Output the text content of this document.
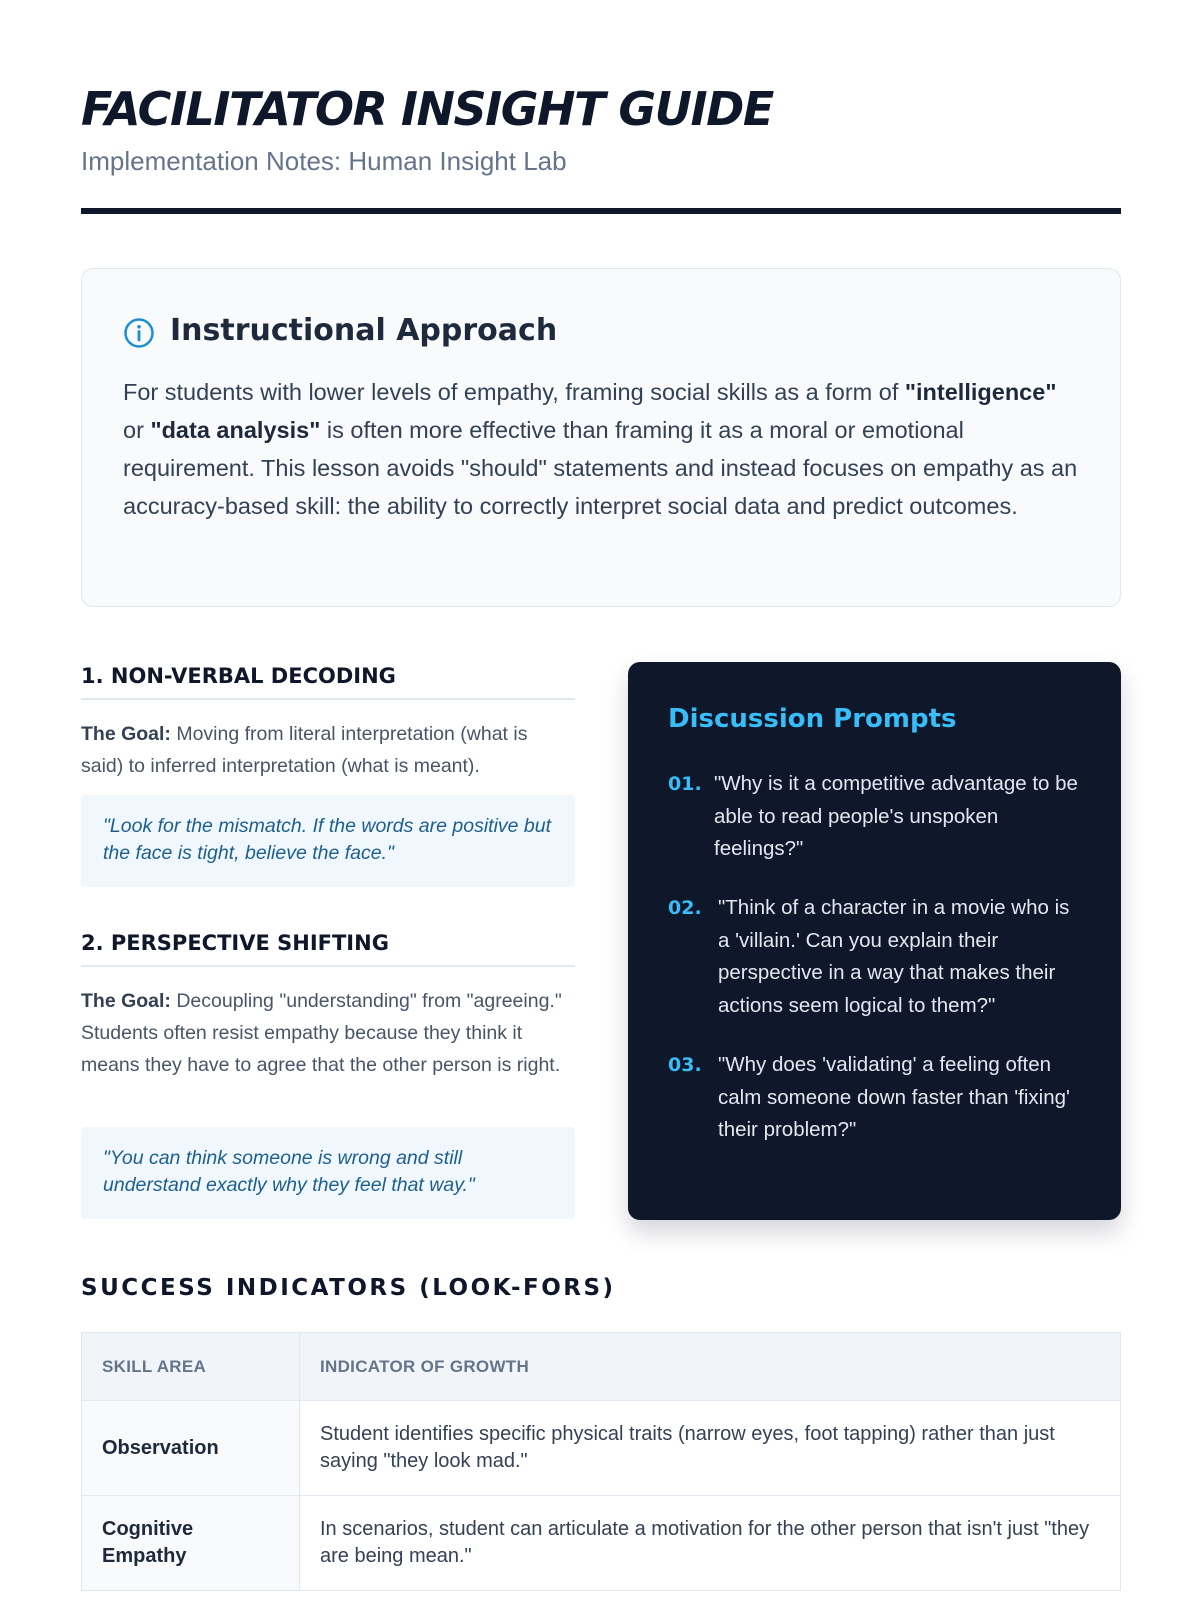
FACILITATOR INSIGHT GUIDE
Implementation Notes: Human Insight Lab
Instructional Approach

For students with lower levels of empathy, framing social skills as a form of "intelligence" or "data analysis" is often more effective than framing it as a moral or emotional requirement. This lesson avoids "should" statements and instead focuses on empathy as an accuracy-based skill: the ability to correctly interpret social data and predict outcomes.

1. NON-VERBAL DECODING

The Goal: Moving from literal interpretation (what is said) to inferred interpretation (what is meant).

"Look for the mismatch. If the words are positive but the face is tight, believe the face."
2. PERSPECTIVE SHIFTING

The Goal: Decoupling "understanding" from "agreeing." Students often resist empathy because they think it means they have to agree that the other person is right.

"You can think someone is wrong and still understand exactly why they feel that way."
Discussion Prompts
01. "Why is it a competitive advantage to be able to read people's unspoken feelings?"
02. "Think of a character in a movie who is a 'villain.' Can you explain their perspective in a way that makes their actions seem logical to them?"
03. "Why does 'validating' a feeling often calm someone down faster than 'fixing' their problem?"
SUCCESS INDICATORS (LOOK-FORS)
SKILL AREA	INDICATOR OF GROWTH
Observation	Student identifies specific physical traits (narrow eyes, foot tapping) rather than just saying "they look mad."
Cognitive Empathy	In scenarios, student can articulate a motivation for the other person that isn't just "they are being mean."
